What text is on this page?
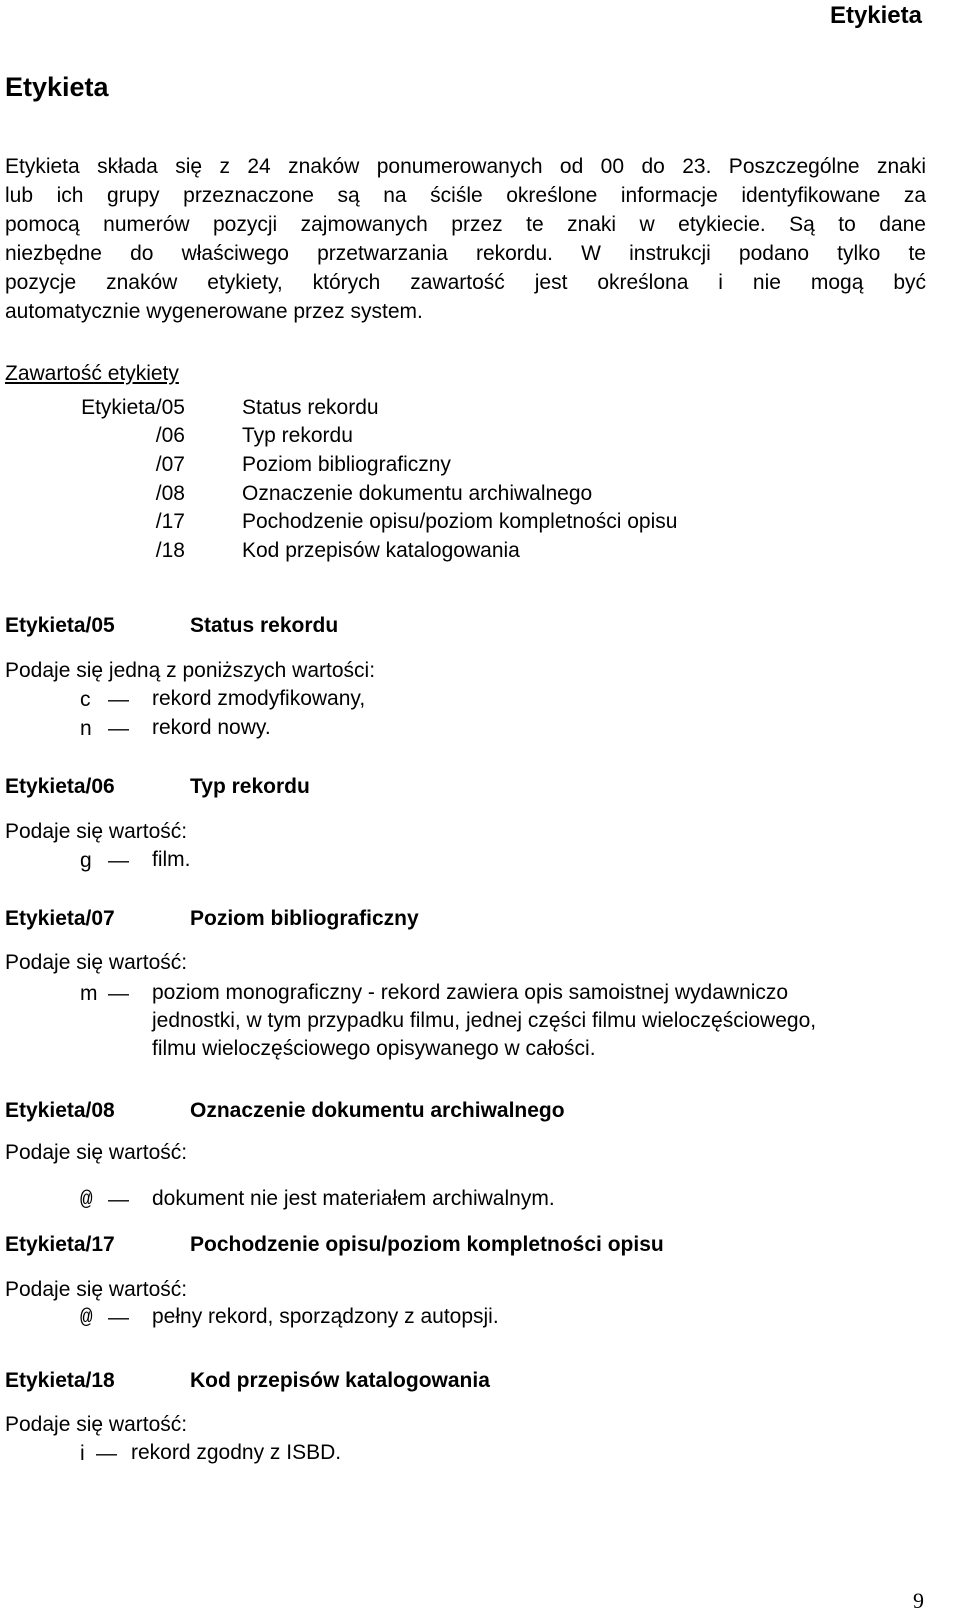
Etykieta
Etykieta
Etykieta składa się z 24 znaków ponumerowanych od 00 do 23. Poszczególne znaki
lub ich grupy przeznaczone są na ściśle określone informacje identyfikowane za
pomocą numerów pozycji zajmowanych przez te znaki w etykiecie. Są to dane
niezbędne do właściwego przetwarzania rekordu. W instrukcji podano tylko te
pozycje znaków etykiety, których zawartość jest określona i nie mogą być
automatycznie wygenerowane przez system.
Zawartość etykiety
Etykieta/05	Status rekordu
/06	Typ rekordu
/07	Poziom bibliograficzny
/08	Oznaczenie dokumentu archiwalnego
/17	Pochodzenie opisu/poziom kompletności opisu
/18	Kod przepisów katalogowania
Etykieta/05	Status rekordu
Podaje się jedną z poniższych wartości:
c — rekord zmodyfikowany,
n — rekord nowy.
Etykieta/06	Typ rekordu
Podaje się wartość:
g — film.
Etykieta/07	Poziom bibliograficzny
Podaje się wartość:
m — poziom monograficzny - rekord zawiera opis samoistnej wydawniczo
jednostki, w tym przypadku filmu, jednej części filmu wieloczęściowego,
filmu wieloczęściowego opisywanego w całości.
Etykieta/08	Oznaczenie dokumentu archiwalnego
Podaje się wartość:
@ — dokument nie jest materiałem archiwalnym.
Etykieta/17	Pochodzenie opisu/poziom kompletności opisu
Podaje się wartość:
@ — pełny rekord, sporządzony z autopsji.
Etykieta/18	Kod przepisów katalogowania
Podaje się wartość:
i — rekord zgodny z ISBD.
9
